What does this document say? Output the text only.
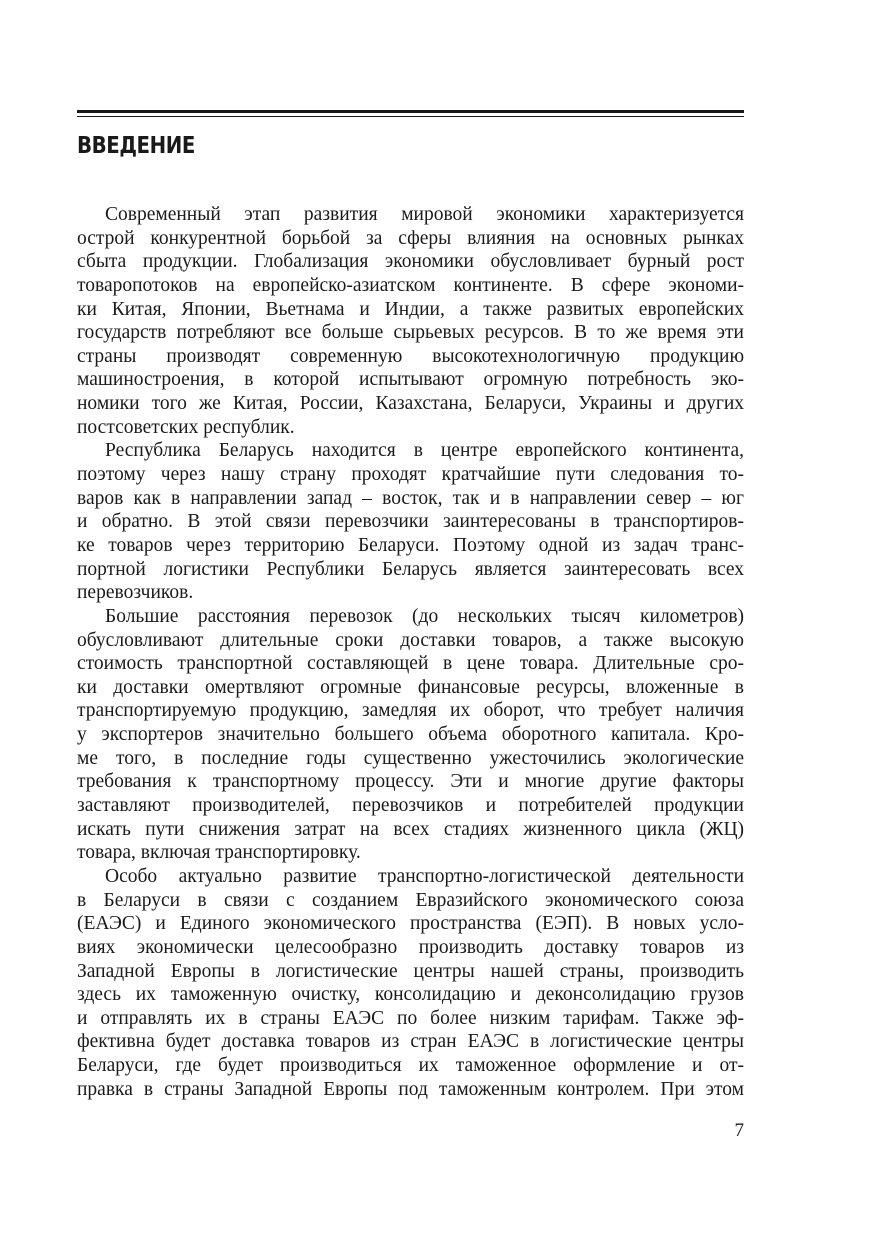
ВВЕДЕНИЕ
Современный этап развития мировой экономики характеризуется
острой конкурентной борьбой за сферы влияния на основных рынках
сбыта продукции. Глобализация экономики обусловливает бурный рост
товаропотоков на европейско-азиатском континенте. В сфере экономи-
ки Китая, Японии, Вьетнама и Индии, а также развитых европейских
государств потребляют все больше сырьевых ресурсов. В то же время эти
страны производят современную высокотехнологичную продукцию
машиностроения, в которой испытывают огромную потребность эко-
номики того же Китая, России, Казахстана, Беларуси, Украины и других
постсоветских республик.
Республика Беларусь находится в центре европейского континента,
поэтому через нашу страну проходят кратчайшие пути следования то-
варов как в направлении запад – восток, так и в направлении север – юг
и обратно. В этой связи перевозчики заинтересованы в транспортиров-
ке товаров через территорию Беларуси. Поэтому одной из задач транс-
портной логистики Республики Беларусь является заинтересовать всех
перевозчиков.
Большие расстояния перевозок (до нескольких тысяч километров)
обусловливают длительные сроки доставки товаров, а также высокую
стоимость транспортной составляющей в цене товара. Длительные сро-
ки доставки омертвляют огромные финансовые ресурсы, вложенные в
транспортируемую продукцию, замедляя их оборот, что требует наличия
у экспортеров значительно большего объема оборотного капитала. Кро-
ме того, в последние годы существенно ужесточились экологические
требования к транспортному процессу. Эти и многие другие факторы
заставляют производителей, перевозчиков и потребителей продукции
искать пути снижения затрат на всех стадиях жизненного цикла (ЖЦ)
товара, включая транспортировку.
Особо актуально развитие транспортно-логистической деятельности
в Беларуси в связи с созданием Евразийского экономического союза
(ЕАЭС) и Единого экономического пространства (ЕЭП). В новых усло-
виях экономически целесообразно производить доставку товаров из
Западной Европы в логистические центры нашей страны, производить
здесь их таможенную очистку, консолидацию и деконсолидацию грузов
и отправлять их в страны ЕАЭС по более низким тарифам. Также эф-
фективна будет доставка товаров из стран ЕАЭС в логистические центры
Беларуси, где будет производиться их таможенное оформление и от-
правка в страны Западной Европы под таможенным контролем. При этом
7
